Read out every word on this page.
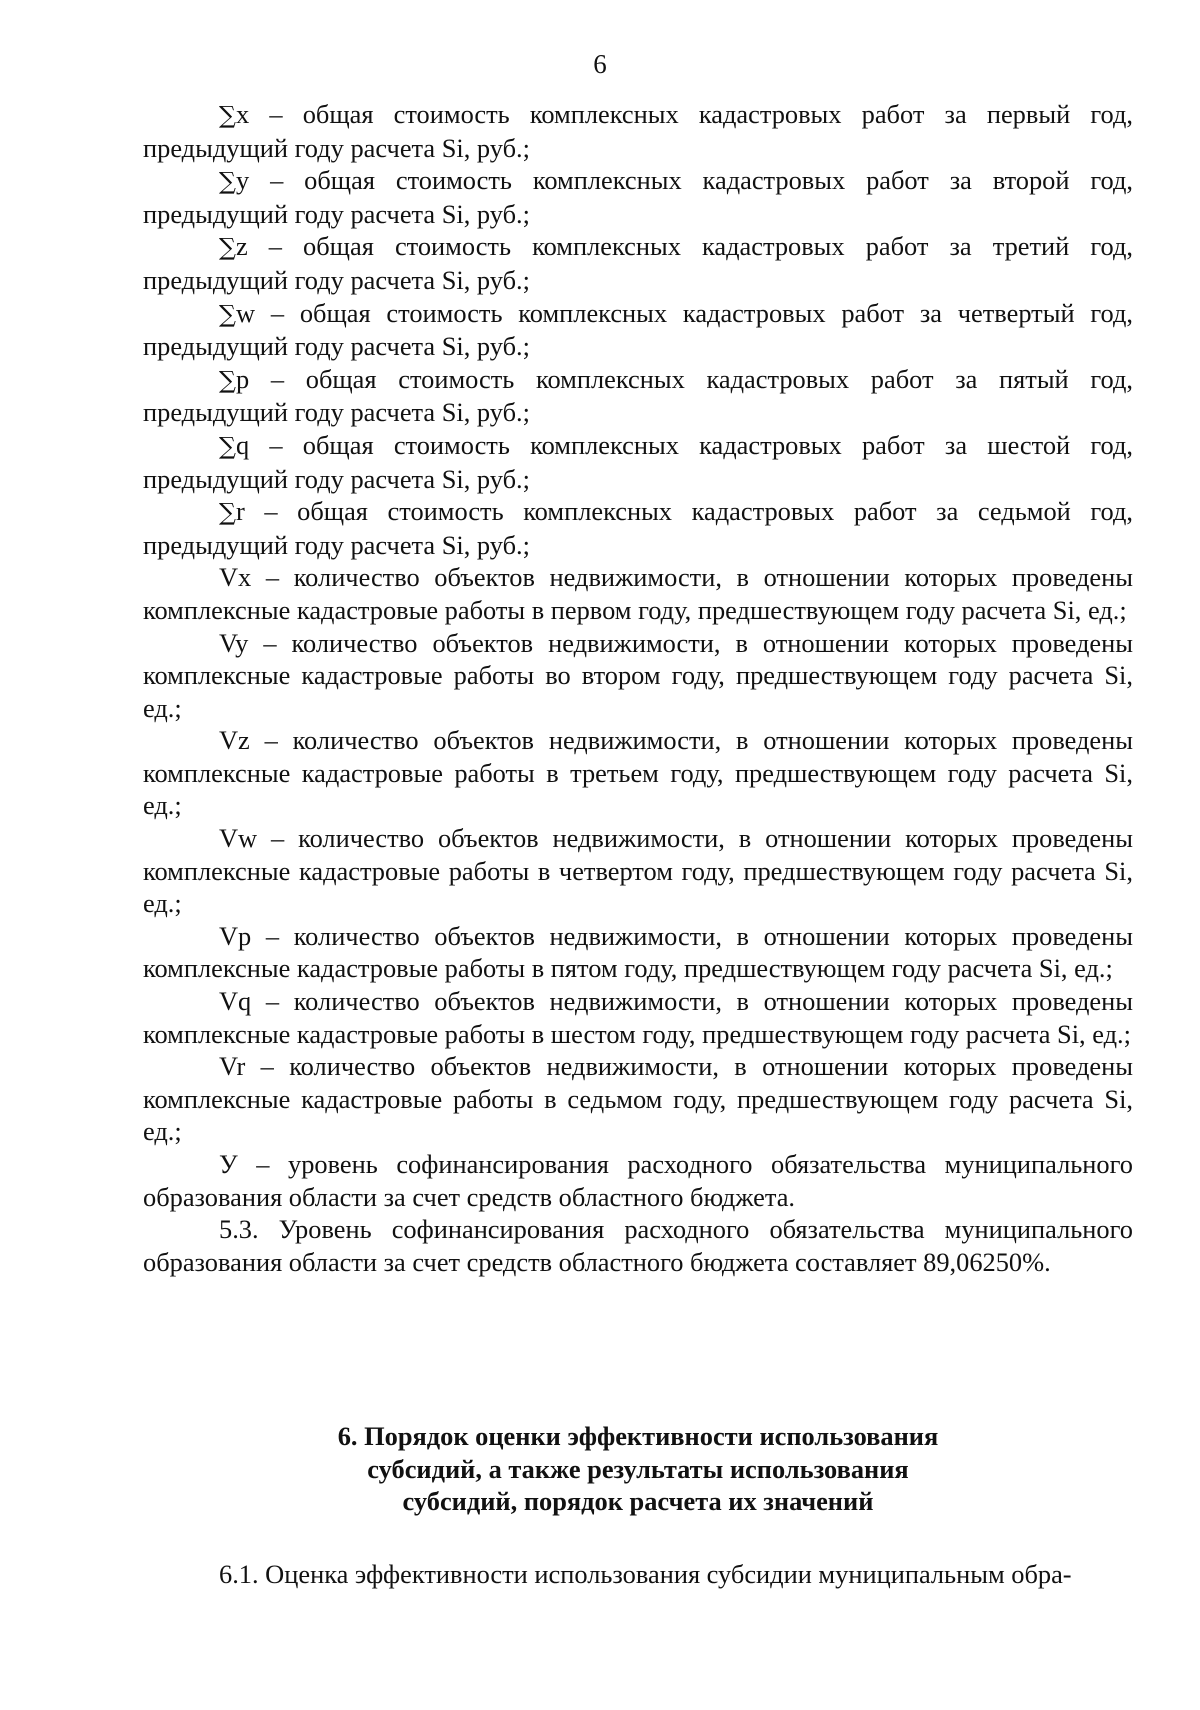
6

∑x – общая стоимость комплексных кадастровых работ за первый год, предыдущий году расчета Si, руб.;

∑y – общая стоимость комплексных кадастровых работ за второй год, предыдущий году расчета Si, руб.;

∑z – общая стоимость комплексных кадастровых работ за третий год, предыдущий году расчета Si, руб.;

∑w – общая стоимость комплексных кадастровых работ за четвертый год, предыдущий году расчета Si, руб.;

∑p – общая стоимость комплексных кадастровых работ за пятый год, предыдущий году расчета Si, руб.;

∑q – общая стоимость комплексных кадастровых работ за шестой год, предыдущий году расчета Si, руб.;

∑r – общая стоимость комплексных кадастровых работ за седьмой год, предыдущий году расчета Si, руб.;

Vx – количество объектов недвижимости, в отношении которых проведены комплексные кадастровые работы в первом году, предшествующем году расчета Si, ед.;

Vy – количество объектов недвижимости, в отношении которых проведены комплексные кадастровые работы во втором году, предшествующем году расчета Si, ед.;

Vz – количество объектов недвижимости, в отношении которых проведены комплексные кадастровые работы в третьем году, предшествующем году расчета Si, ед.;

Vw – количество объектов недвижимости, в отношении которых проведены комплексные кадастровые работы в четвертом году, предшествующем году расчета Si, ед.;

Vp – количество объектов недвижимости, в отношении которых проведены комплексные кадастровые работы в пятом году, предшествующем году расчета Si, ед.;

Vq – количество объектов недвижимости, в отношении которых проведены комплексные кадастровые работы в шестом году, предшествующем году расчета Si, ед.;

Vr – количество объектов недвижимости, в отношении которых проведены комплексные кадастровые работы в седьмом году, предшествующем году расчета Si, ед.;

У – уровень софинансирования расходного обязательства муниципального образования области за счет средств областного бюджета.

5.3. Уровень софинансирования расходного обязательства муниципального образования области за счет средств областного бюджета составляет 89,06250%.

6. Порядок оценки эффективности использования
субсидий, а также результаты использования
субсидий, порядок расчета их значений
6.1. Оценка эффективности использования субсидии муниципальным обра-
